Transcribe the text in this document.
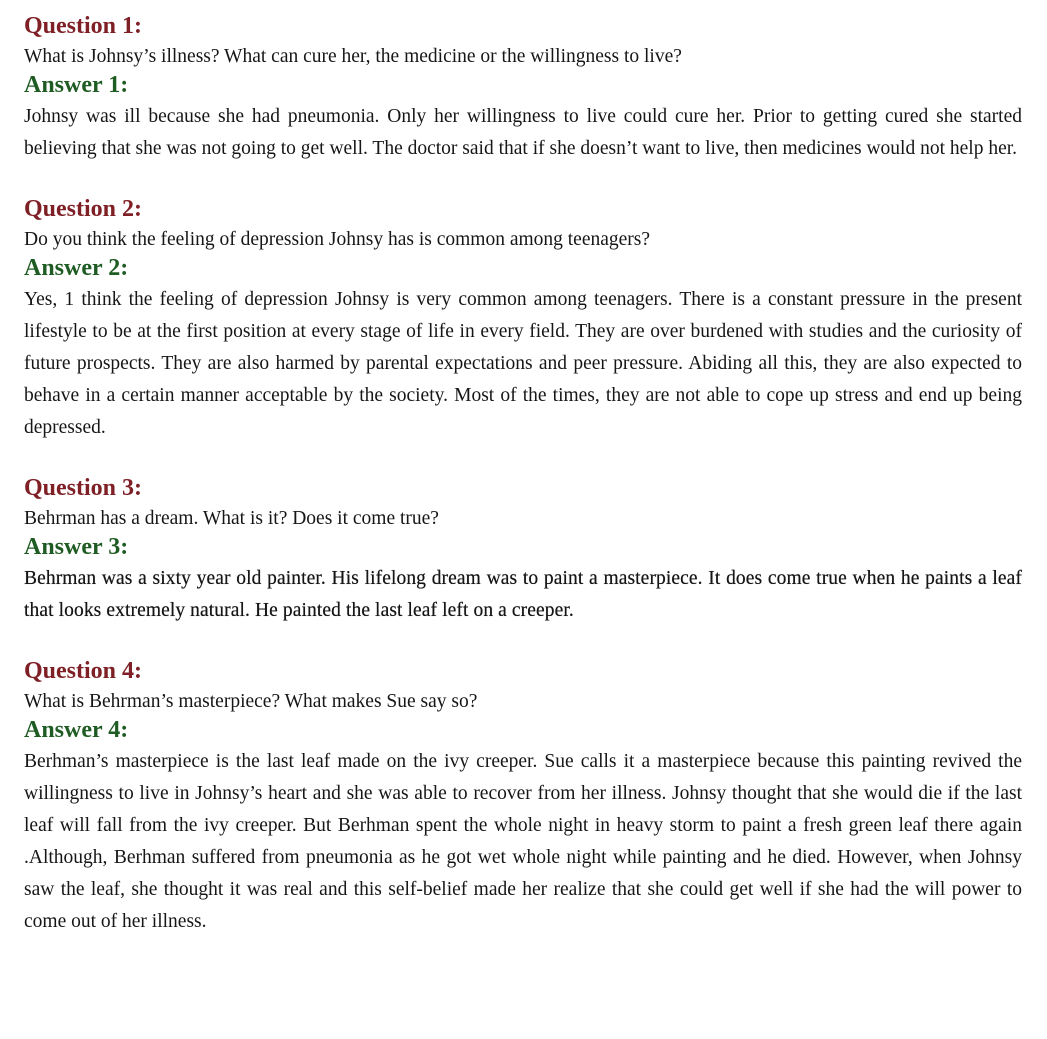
Question 1:
What is Johnsy’s illness? What can cure her, the medicine or the willingness to live?
Answer 1:
Johnsy was ill because she had pneumonia. Only her willingness to live could cure her. Prior to getting cured she started believing that she was not going to get well. The doctor said that if she doesn’t want to live, then medicines would not help her.
Question 2:
Do you think the feeling of depression Johnsy has is common among teenagers?
Answer 2:
Yes, 1 think the feeling of depression Johnsy is very common among teenagers. There is a constant pressure in the present lifestyle to be at the first position at every stage of life in every field. They are over burdened with studies and the curiosity of future prospects. They are also harmed by parental expectations and peer pressure. Abiding all this, they are also expected to behave in a certain manner acceptable by the society. Most of the times, they are not able to cope up stress and end up being depressed.
Question 3:
Behrman has a dream. What is it? Does it come true?
Answer 3:
Behrman was a sixty year old painter. His lifelong dream was to paint a masterpiece. It does come true when he paints a leaf that looks extremely natural. He painted the last leaf left on a creeper.
Question 4:
What is Behrman’s masterpiece? What makes Sue say so?
Answer 4:
Berhman’s masterpiece is the last leaf made on the ivy creeper. Sue calls it a masterpiece because this painting revived the willingness to live in Johnsy’s heart and she was able to recover from her illness. Johnsy thought that she would die if the last leaf will fall from the ivy creeper. But Berhman spent the whole night in heavy storm to paint a fresh green leaf there again .Although, Berhman suffered from pneumonia as he got wet whole night while painting and he died. However, when Johnsy saw the leaf, she thought it was real and this self-belief made her realize that she could get well if she had the will power to come out of her illness.
